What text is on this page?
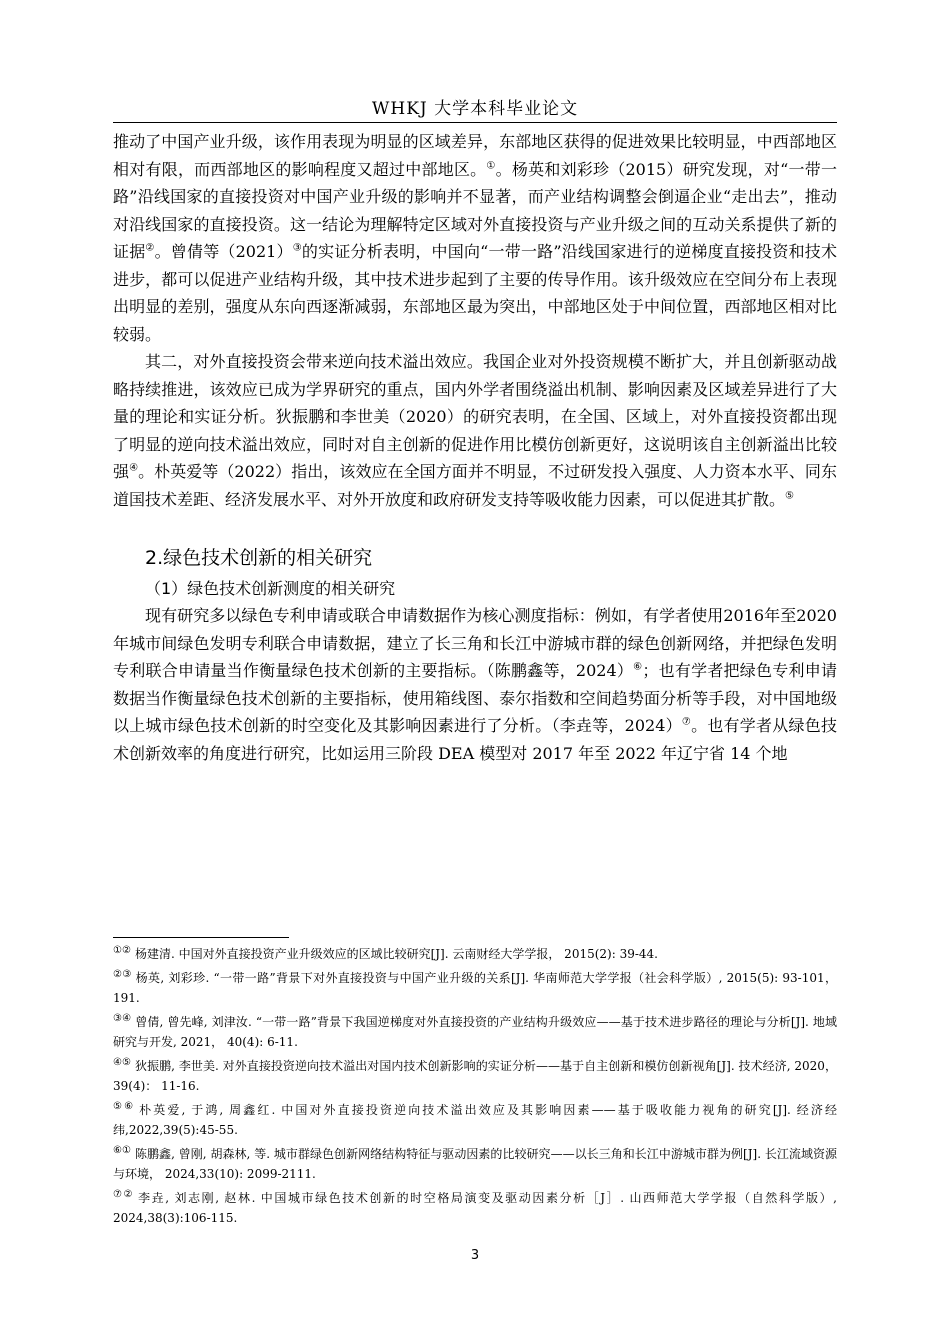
WHKJ 大学本科毕业论文

推动了中国产业升级，该作用表现为明显的区域差异，东部地区获得的促进效果比较明显，中西部地区相对有限，而西部地区的影响程度又超过中部地区。①。杨英和刘彩珍（2015）研究发现，对“一带一路”沿线国家的直接投资对中国产业升级的影响并不显著，而产业结构调整会倒逼企业“走出去”，推动对沿线国家的直接投资。这一结论为理解特定区域对外直接投资与产业升级之间的互动关系提供了新的证据②。曾倩等（2021）③的实证分析表明，中国向“一带一路”沿线国家进行的逆梯度直接投资和技术进步，都可以促进产业结构升级，其中技术进步起到了主要的传导作用。该升级效应在空间分布上表现出明显的差别，强度从东向西逐渐减弱，东部地区最为突出，中部地区处于中间位置，西部地区相对比较弱。

其二，对外直接投资会带来逆向技术溢出效应。我国企业对外投资规模不断扩大，并且创新驱动战略持续推进，该效应已成为学界研究的重点，国内外学者围绕溢出机制、影响因素及区域差异进行了大量的理论和实证分析。狄振鹏和李世美（2020）的研究表明，在全国、区域上，对外直接投资都出现了明显的逆向技术溢出效应，同时对自主创新的促进作用比模仿创新更好，这说明该自主创新溢出比较强④。朴英爱等（2022）指出，该效应在全国方面并不明显，不过研发投入强度、人力资本水平、同东道国技术差距、经济发展水平、对外开放度和政府研发支持等吸收能力因素，可以促进其扩散。⑤

2.绿色技术创新的相关研究
（1）绿色技术创新测度的相关研究

现有研究多以绿色专利申请或联合申请数据作为核心测度指标：例如，有学者使用2016年至2020年城市间绿色发明专利联合申请数据，建立了长三角和长江中游城市群的绿色创新网络，并把绿色发明专利联合申请量当作衡量绿色技术创新的主要指标。（陈鹏鑫等，2024）⑥；也有学者把绿色专利申请数据当作衡量绿色技术创新的主要指标，使用箱线图、泰尔指数和空间趋势面分析等手段，对中国地级以上城市绿色技术创新的时空变化及其影响因素进行了分析。（李垚等，2024）⑦。也有学者从绿色技术创新效率的角度进行研究，比如运用三阶段 DEA 模型对 2017 年至 2022 年辽宁省 14 个地

①② 杨建清. 中国对外直接投资产业升级效应的区域比较研究[J]. 云南财经大学学报， 2015(2): 39-44.

②③ 杨英, 刘彩珍. “一带一路”背景下对外直接投资与中国产业升级的关系[J]. 华南师范大学学报（社会科学版）, 2015(5): 93-101， 191.

③④ 曾倩, 曾先峰, 刘津汝. “一带一路”背景下我国逆梯度对外直接投资的产业结构升级效应——基于技术进步路径的理论与分析[J]. 地域研究与开发, 2021， 40(4): 6-11.

④⑤ 狄振鹏, 李世美. 对外直接投资逆向技术溢出对国内技术创新影响的实证分析——基于自主创新和模仿创新视角[J]. 技术经济, 2020， 39(4)： 11-16.

⑤⑥ 朴英爱, 于鸿, 周鑫红. 中国对外直接投资逆向技术溢出效应及其影响因素——基于吸收能力视角的研究[J]. 经济经纬,2022,39(5):45-55.

⑥① 陈鹏鑫, 曾刚, 胡森林, 等. 城市群绿色创新网络结构特征与驱动因素的比较研究——以长三角和长江中游城市群为例[J]. 长江流域资源与环境， 2024,33(10): 2099-2111.

⑦② 李垚, 刘志刚, 赵林. 中国城市绿色技术创新的时空格局演变及驱动因素分析［J］. 山西师范大学学报（自然科学版）, 2024,38(3):106-115.

3
